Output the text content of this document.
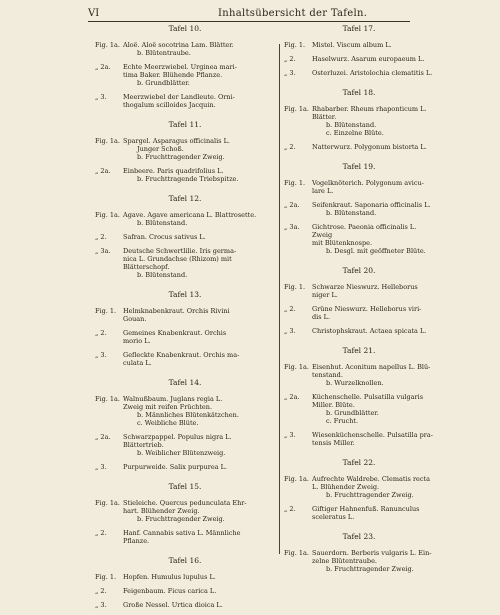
VI	Inhaltsübersicht der Tafeln.
Tafel 10.
Fig. 1a. Aloë. Aloë socotrina Lam. Blätter.
b. Blütentraube.
„ 2a.	Echte Meerzwiebel. Urginea mari-
tima Baker. Blühende Pflanze.
b. Grundblätter.
„ 3.	Meerzwiebel der Landleute. Orni-
thogalum scilloides Jacquin.
Tafel 11.
Fig. 1a. Spargel. Asparagus officinalis L.
Junger Schoß.
b. Fruchttragender Zweig.
„ 2a.	Einbeere. Paris quadrifolius L.
b. Fruchttragende Triebspitze.
Tafel 12.
Fig. 1a. Agave. Agave americana L. Blattrosette.
b. Blütenstand.
„ 2.	Safran. Crocus sativus L.
„ 3a.	Deutsche Schwertlilie. Iris germa-
nica L. Grundachse (Rhizom) mit
Blätterschopf.
b. Blütenstand.
Tafel 13.
Fig. 1.	Helmknabenkraut. Orchis Rivini
Gouan.
„ 2.	Gemeines Knabenkraut. Orchis
morio L.
„ 3.	Gefleckte Knabenkraut. Orchis ma-
culata L.
Tafel 14.
Fig. 1a. Walnußbaum. Juglans regia L.
Zweig mit reifen Früchten.
b. Männliches Blütenkätzchen.
c. Weibliche Blüte.
„ 2a.	Schwarzpappel. Populus nigra L.
Blättertrieb.
b. Weiblicher Blütenzweig.
„ 3.	Purpurweide. Salix purpurea L.
Tafel 15.
Fig. 1a. Stieleiche. Quercus pedunculata Ehr-
hart. Blühender Zweig.
b. Fruchttragender Zweig.
„ 2.	Hanf. Cannabis sativa L. Männliche
Pflanze.
Tafel 16.
Fig. 1.	Hopfen. Humulus lupulus L.
„ 2.	Feigenbaum. Ficus carica L.
„ 3.	Große Nessel. Urtica dioica L.
Tafel 17.
Fig. 1.	Mistel. Viscum album L.
„ 2.	Haselwurz. Asarum europaeum L.
„ 3.	Osterluzei. Aristolochia clematitis L.
Tafel 18.
Fig. 1a. Rhabarber. Rheum rhaponticum L.
Blätter.
b. Blütenstand.
c. Einzelne Blüte.
„ 2.	Natterwurz. Polygonum bistorta L.
Tafel 19.
Fig. 1.	Vogelknöterich. Polygonum avicu-
lare L.
„ 2a.	Seifenkraut. Saponaria officinalis L.
b. Blütenstand.
„ 3a.	Gichtrose. Paeonia officinalis L. Zweig
mit Blütenknospe.
b. Desgl. mit geöffneter Blüte.
Tafel 20.
Fig. 1.	Schwarze Nieswurz. Helleborus
niger L.
„ 2.	Grüne Nieswurz. Helleborus viri-
dis L.
„ 3.	Christophskraut. Actaea spicata L.
Tafel 21.
Fig. 1a. Eisenhut. Aconitum napellus L. Blü-
tenstand.
b. Wurzelknollen.
„ 2a.	Küchenschelle. Pulsatilla vulgaris
Miller. Blüte.
b. Grundblätter.
c. Frucht.
„ 3.	Wiesenküchenschelle. Pulsatilla pra-
tensis Miller.
Tafel 22.
Fig. 1a. Aufrechte Waldrebe. Clematis recta
L. Blühender Zweig.
b. Fruchttragender Zweig.
„ 2.	Giftiger Hahnenfuß. Ranunculus
sceleratus L.
Tafel 23.
Fig. 1a. Sauerdorn. Berberis vulgaris L. Ein-
zelne Blütentraube.
b. Fruchttragender Zweig.
